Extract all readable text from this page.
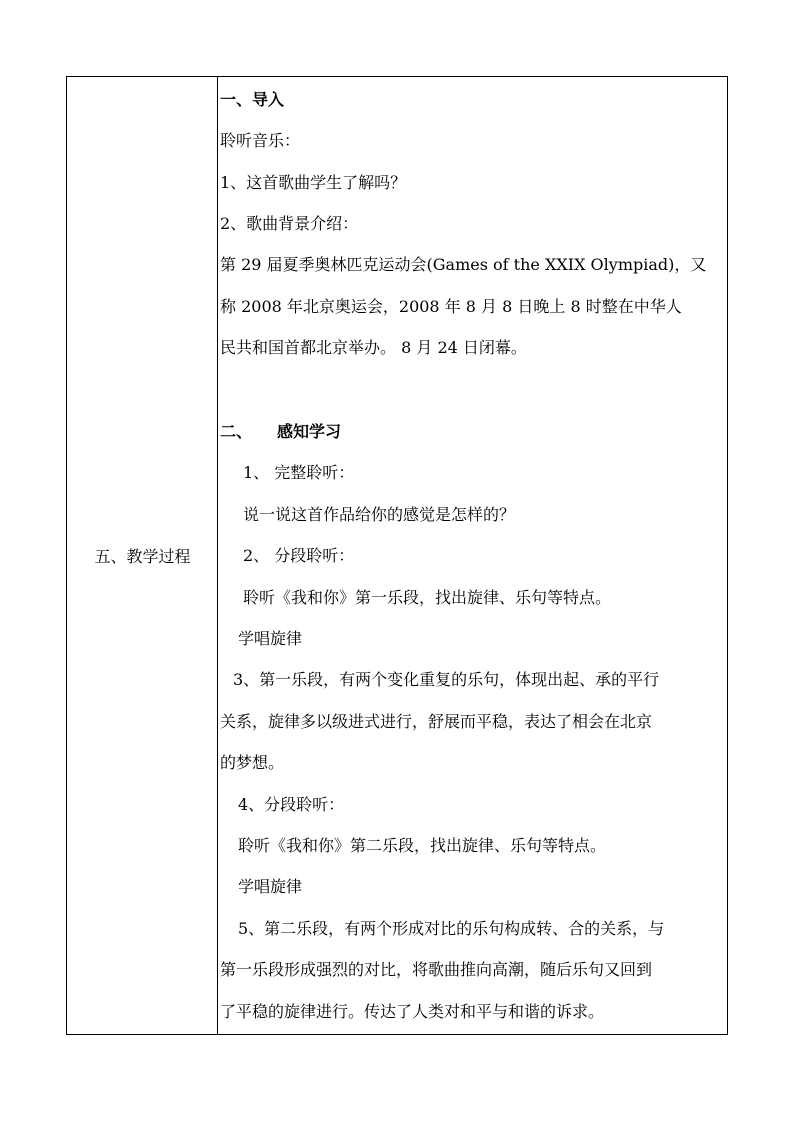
五、教学过程
一、导入
聆听音乐：
1、这首歌曲学生了解吗？
2、歌曲背景介绍：
第 29 届夏季奥林匹克运动会(Games of the XXIX Olympiad)，又
称 2008 年北京奥运会，2008 年 8 月 8 日晚上 8 时整在中华人
民共和国首都北京举办。 8 月 24 日闭幕。
二、 感知学习
1、 完整聆听：
说一说这首作品给你的感觉是怎样的？
2、 分段聆听：
聆听《我和你》第一乐段，找出旋律、乐句等特点。
学唱旋律
3、第一乐段，有两个变化重复的乐句，体现出起、承的平行
关系，旋律多以级进式进行，舒展而平稳，表达了相会在北京
的梦想。
4、分段聆听：
聆听《我和你》第二乐段，找出旋律、乐句等特点。
学唱旋律
5、第二乐段，有两个形成对比的乐句构成转、合的关系，与
第一乐段形成强烈的对比，将歌曲推向高潮，随后乐句又回到
了平稳的旋律进行。传达了人类对和平与和谐的诉求。
